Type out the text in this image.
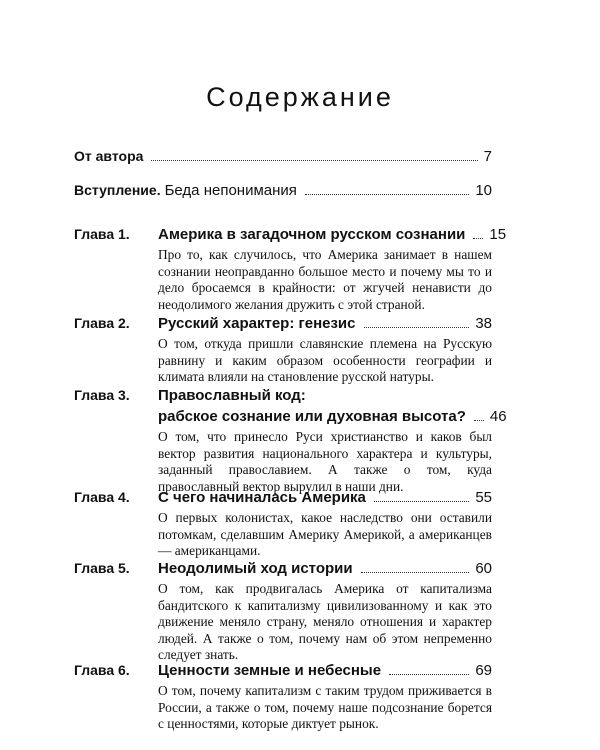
Содержание
От автора	7
Вступление. Беда непонимания	10
Глава 1.	Америка в загадочном русском сознании 15
Про то, как случилось, что Америка занимает в нашем сознании неоправданно большое место и почему мы то и дело бросаемся в крайности: от жгучей ненависти до неодолимого желания дружить с этой страной.
Глава 2.	Русский характер: генезис	38
О том, откуда пришли славянские племена на Русскую равнину и каким образом особенности географии и климата влияли на становление русской натуры.
Глава 3.	Православный код:
рабское сознание или духовная высота? 46
О том, что принесло Руси христианство и каков был вектор развития национального характера и культуры, заданный православием. А также о том, куда православный вектор вырулил в наши дни.
Глава 4.	С чего начиналась Америка	55
О первых колонистах, какое наследство они оставили потомкам, сделавшим Америку Америкой, а американцев — американцами.
Глава 5.	Неодолимый ход истории	60
О том, как продвигалась Америка от капитализма бандитского к капитализму цивилизованному и как это движение меняло страну, меняло отношения и характер людей. А также о том, почему нам об этом непременно следует знать.
Глава 6.	Ценности земные и небесные	69
О том, почему капитализм с таким трудом приживается в России, а также о том, почему наше подсознание борется с ценностями, которые диктует рынок.
